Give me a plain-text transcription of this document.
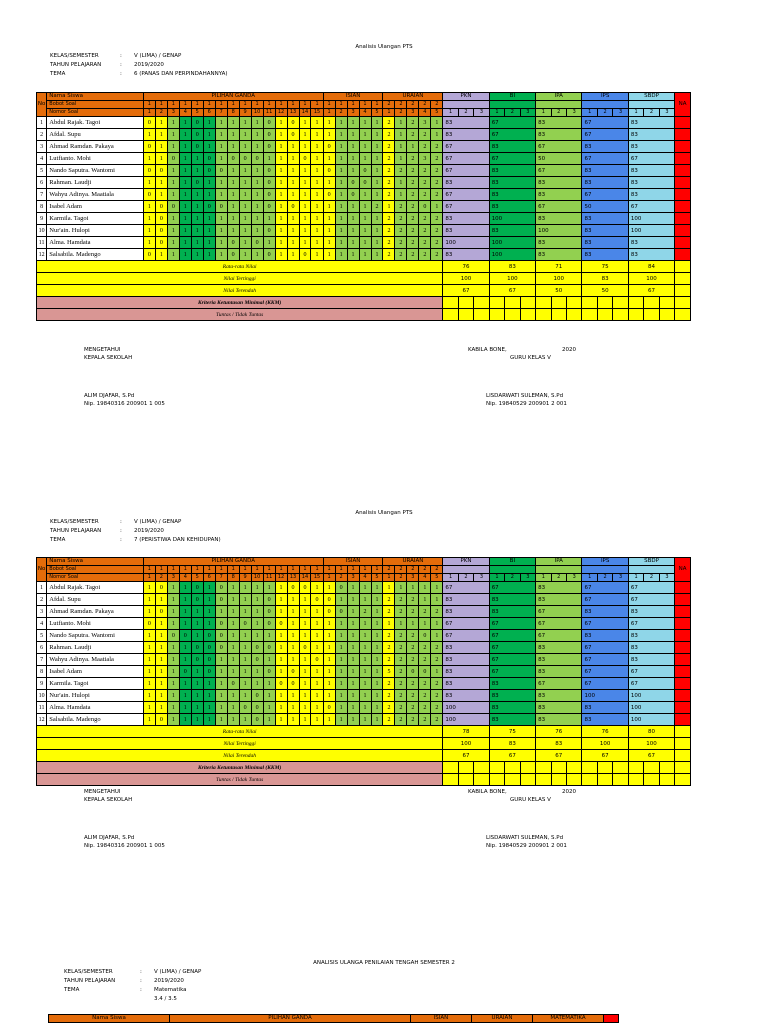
Analisis Ulangan PTS
KELAS/SEMESTER	: V (LIMA) / GENAP
TAHUN PELAJARAN	: 2019/2020
TEMA	: 6 (PANAS DAN PERPINDAHANNYA)
No	Nama Siswa	PILIHAN GANDA															ISIAN					URAIAN					PKN			BI			IPA			IPS			SBDP			NA
	Bobot Soal	1	1	1	1	1	1	1	1	1	1	1	1	1	1	1	1	1	1	1	1	2	2	2	2	2																
	Nomor Soal	1	2	3	4	5	6	7	8	9	10	11	12	13	14	15	1	2	3	4	5	1	2	3	4	5	1	2	3	1	2	3	1	2	3	1	2	3	1	2	3	
1	Abdul Rajak. Tagoi	0	1	1	1	0	1	1	1	1	1	0	1	0	1	1	1	1	1	1	1	2	1	2	3	1	83			67			83			67			83			77
2	Afdal. Supu	1	1	1	1	0	1	1	1	1	1	0	1	0	1	1	1	1	1	1	1	2	1	2	2	1	83			67			83			67			83			80
3	Ahmad Ramdan. Pakaya	0	1	1	1	0	1	1	1	1	1	0	1	1	1	1	0	1	1	1	1	2	1	1	2	2	67			83			67			83			83			77
4	Lutfianto. Mohi	1	1	0	1	1	0	1	0	0	0	1	1	1	0	1	1	1	1	1	1	2	1	2	3	2	67			67			50			67			67			65
5	Nando Saputra. Wantomi	0	0	1	1	1	0	0	1	1	1	0	1	1	1	1	0	1	1	0	1	2	2	2	2	2	67			83			67			83			83			75
6	Rahman. Laudji	1	1	1	1	0	1	1	1	1	1	0	1	1	1	1	1	1	0	0	1	2	1	2	2	2	83			83			83			83			83			85
7	Wahyu Adinya. Maatiala	0	1	1	1	1	1	1	1	1	1	0	1	1	1	1	0	1	0	1	1	2	1	2	2	2	67			83			83			67			83			77
8	Isabel Adam	1	0	0	1	1	0	0	1	1	1	0	1	0	1	1	1	1	1	1	2	1	2	2	0	1	67			83			67			50			67			65
9	Karmila. Tagoi	1	0	1	1	1	1	1	1	1	1	1	1	1	1	1	1	1	1	1	1	2	2	2	2	2	83			100			83			83			100			90
10	Nur'ain. Hulopi	1	0	1	1	1	1	1	1	1	1	0	1	1	1	1	1	1	1	1	1	2	2	2	2	2	83			83			100			83			100			90
11	Alma. Hamdata	1	0	1	1	1	1	1	0	1	0	1	1	1	1	1	1	1	1	1	1	2	2	2	2	2	100			100			83			83			83			90
12	Salsabila. Madengo	0	1	1	1	1	1	1	0	1	1	0	1	1	0	1	1	1	1	1	1	2	2	2	2	2	83			100			83			83			83			86
Rata-rata Nilai																											76			83			71			75			84			
Nilai Tertinggi																											100			100			100			83			100			
Nilai Terendah																											67			67			50			50			67			
Kriteria Ketuntasan Minimal (KKM)																																										
Tuntas / Tidak Tuntas																																										
MENGETAHUI
KEPALA SEKOLAH
ALIM DJAFAR, S.Pd
Nip. 19840316 200901 1 005
KABILA BONE,	2020
GURU KELAS V
LISDARWATI SULEMAN, S.Pd
Nip. 19840529 200901 2 001
Analisis Ulangan PTS
KELAS/SEMESTER	: V (LIMA) / GENAP
TAHUN PELAJARAN	: 2019/2020
TEMA	: 7 (PERISTIWA DAN KEHIDUPAN)
No	Nama Siswa	PILIHAN GANDA															ISIAN					URAIAN					PKN			BI			IPA			IPS			SBDP			NA
	Bobot Soal	1	1	1	1	1	1	1	1	1	1	1	1	1	1	1	1	1	1	1	1	2	2	2	2	2																
	Nomor Soal	1	2	3	4	5	6	7	8	9	10	11	12	13	14	15	1	2	3	4	5	1	2	3	4	5	1	2	3	1	2	3	1	2	3	1	2	3	1	2	3	
1	Abdul Rajak. Tagoi	1	0	1	1	0	1	0	1	1	1	1	1	0	0	1	1	0	1	1	1	1	1	1	1	1	67			67			83			67			67			77
2	Afdal. Supu	1	1	1	1	0	1	0	1	1	1	0	1	1	1	0	0	1	1	1	1	2	2	2	1	1	83			83			83			67			67			77
3	Ahmad Ramdan. Pakaya	1	0	1	1	1	1	1	1	1	1	0	1	1	1	1	0	0	1	2	1	2	2	2	2	2	83			83			67			83			83			78
4	Lutfianto. Mohi	0	1	1	1	1	1	0	1	0	1	0	0	1	1	1	1	1	1	1	1	1	1	1	1	1	67			67			67			67			67			67
5	Nando Saputra. Wantomi	1	1	0	0	1	0	0	1	1	1	1	1	1	1	1	1	1	1	1	1	2	2	2	0	1	67			67			67			83			83			73
6	Rahman. Laudji	1	1	1	1	0	0	0	1	1	0	0	1	1	0	1	1	1	1	1	1	2	2	2	2	2	83			67			83			67			83			79
7	Wahyu Adinya. Maatiala	1	1	1	1	0	0	1	1	1	0	1	1	1	1	0	1	1	1	1	1	2	2	2	2	2	83			67			83			67			83			79
8	Isabel Adam	1	1	1	0	1	0	1	1	1	1	0	1	0	1	1	1	1	1	1	1	5	2	0	0	1	83			67			83			67			67			72
9	Karmila. Tagoi	1	1	1	1	1	1	1	0	1	1	1	0	0	1	1	1	1	1	1	1	2	2	2	2	2	83			83			67			67			67			79
10	Nur'ain. Hulopi	1	1	1	1	1	1	1	1	1	0	1	1	1	1	1	1	1	1	1	1	2	2	2	2	2	83			83			83			100			100			85
11	Alma. Hamdata	1	1	1	1	1	1	1	1	0	0	1	1	1	1	1	0	1	1	1	1	2	2	2	2	2	100			83			83			83			100			90
12	Salsabila. Madengo	1	0	1	1	1	1	1	1	1	0	1	1	1	1	1	1	1	1	1	1	2	2	2	2	2	100			83			83			83			100			90
Rata-rata Nilai																											78			75			76			76			80			
Nilai Tertinggi																											100			83			83			100			100			
Nilai Terendah																											67			67			67			67			67			
Kriteria Ketuntasan Minimal (KKM)																																										
Tuntas / Tidak Tuntas																																										
MENGETAHUI
KEPALA SEKOLAH
ALIM DJAFAR, S.Pd
Nip. 19840316 200901 1 005
KABILA BONE,	2020
GURU KELAS V
LISDARWATI SULEMAN, S.Pd
Nip. 19840529 200901 2 001
ANALISIS ULANGA PENILAIAN TENGAH SEMESTER 2
KELAS/SEMESTER	: V (LIMA) / GENAP
TAHUN PELAJARAN	: 2019/2020
TEMA	: Matematika
3.4 / 3.5
Nama Siswa	PILIHAN GANDA	ISIAN	URAIAN	MATEMATIKA	
